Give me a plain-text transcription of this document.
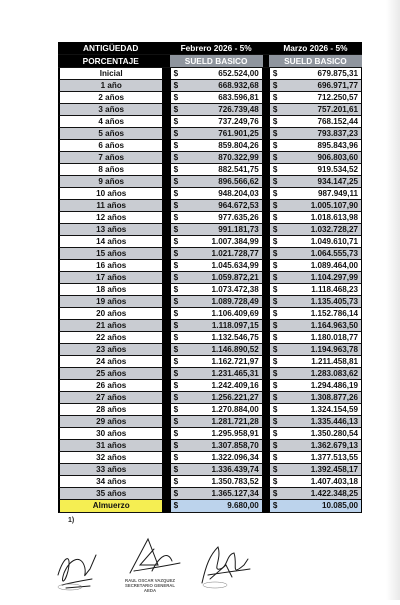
ANTIGÜEDAD		Febrero 2026 - 5%		Marzo 2026 - 5%
PORCENTAJE		SUELD BASICO		SUELD BASICO
Inicial		$ 652.524,00		$ 679.875,31

1 año		$ 668.932,68		$ 696.971,77

2 años		$ 683.596,81		$ 712.250,57

3 años		$ 726.739,48		$ 757.201,61

4 años		$ 737.249,76		$ 768.152,44

5 años		$ 761.901,25		$ 793.837,23

6 años		$ 859.804,26		$ 895.843,96

7 años		$ 870.322,99		$ 906.803,60

8 años		$ 882.541,75		$ 919.534,52

9 años		$ 896.566,62		$ 934.147,25

10 años		$ 948.204,03		$ 987.949,11

11 años		$ 964.672,53		$ 1.005.107,90

12 años		$ 977.635,26		$ 1.018.613,98

13 años		$ 991.181,73		$ 1.032.728,27

14 años		$ 1.007.384,99		$ 1.049.610,71

15 años		$ 1.021.728,77		$ 1.064.555,73

16 años		$ 1.045.634,99		$ 1.089.464,00

17 años		$ 1.059.872,21		$ 1.104.297,99

18 años		$ 1.073.472,38		$ 1.118.468,23

19 años		$ 1.089.728,49		$ 1.135.405,73

20 años		$ 1.106.409,69		$ 1.152.786,14

21 años		$ 1.118.097,15		$ 1.164.963,50

22 años		$ 1.132.546,75		$ 1.180.018,77

23 años		$ 1.146.890,52		$ 1.194.963,78

24 años		$ 1.162.721,97		$ 1.211.458,81

25 años		$ 1.231.465,31		$ 1.283.083,62

26 años		$ 1.242.409,16		$ 1.294.486,19

27 años		$ 1.256.221,27		$ 1.308.877,26

28 años		$ 1.270.884,00		$ 1.324.154,59

29 años		$ 1.281.721,28		$ 1.335.446,13

30 años		$ 1.295.958,91		$ 1.350.280,54

31 años		$ 1.307.858,70		$ 1.362.679,13

32 años		$ 1.322.096,34		$ 1.377.513,55

33 años		$ 1.336.439,74		$ 1.392.458,17

34 años		$ 1.350.783,52		$ 1.407.403,18

35 años		$ 1.365.127,34		$ 1.422.348,25

Almuerzo		$ 9.680,00		$ 10.085,00
1)
RAUL OSCAR VAZQUEZ
SECRETARIO GENERAL
AEDA
